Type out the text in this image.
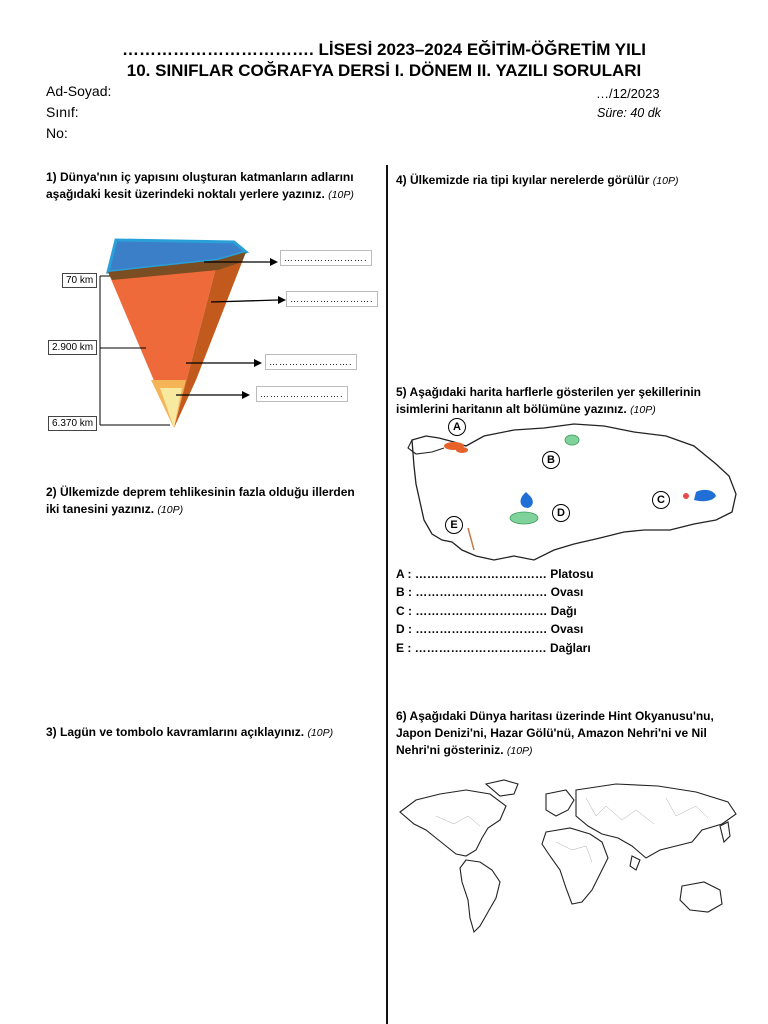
……………………………. LİSESİ 2023–2024 EĞİTİM-ÖĞRETİM YILI
10. SINIFLAR COĞRAFYA DERSİ I. DÖNEM II. YAZILI SORULARI
Ad-Soyad:
Sınıf:
No:
…/12/2023
Süre: 40 dk
1) Dünya'nın iç yapısını oluşturan katmanların adlarını aşağıdaki kesit üzerindeki noktalı yerlere yazınız. (10P)
70 km
2.900 km
6.370 km
…………………….
…………………….
…………………….
…………………….
2) Ülkemizde deprem tehlikesinin fazla olduğu illerden iki tanesini yazınız. (10P)
3) Lagün ve tombolo kavramlarını açıklayınız. (10P)
4) Ülkemizde ria tipi kıyılar nerelerde görülür (10P)
5) Aşağıdaki harita harflerle gösterilen yer şekillerinin isimlerini haritanın alt bölümüne yazınız. (10P)
A
B
C
D
E
A : …………………………… Platosu
B : …………………………… Ovası
C : …………………………… Dağı
D : …………………………… Ovası
E : …………………………… Dağları
6) Aşağıdaki Dünya haritası üzerinde Hint Okyanusu'nu, Japon Denizi'ni, Hazar Gölü'nü, Amazon Nehri'ni ve Nil Nehri'ni gösteriniz. (10P)
